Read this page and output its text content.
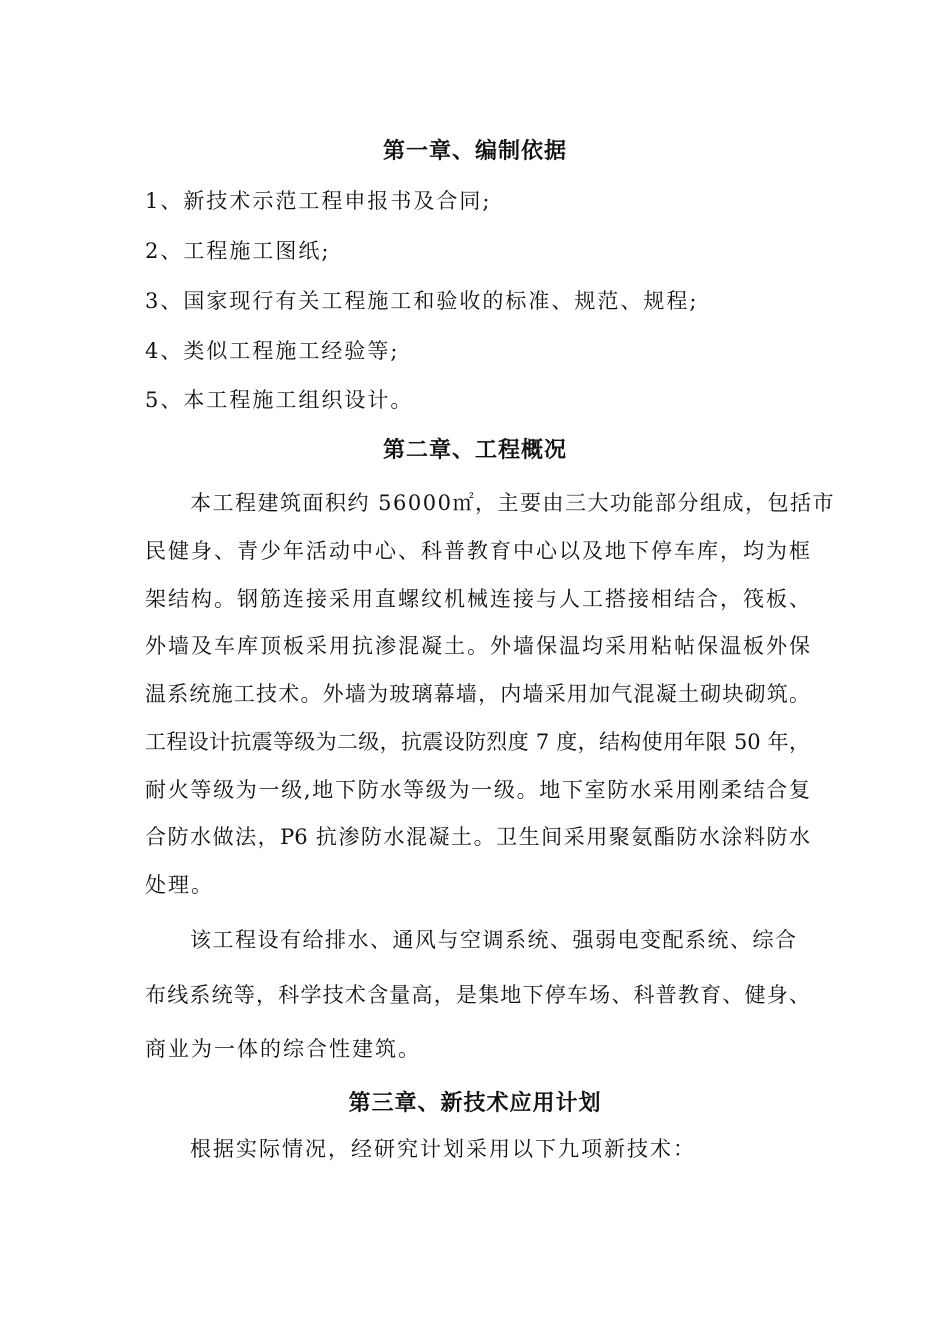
第一章、编制依据
1、新技术示范工程申报书及合同;
2、工程施工图纸;
3、国家现行有关工程施工和验收的标准、规范、规程;
4、类似工程施工经验等;
5、本工程施工组织设计。
第二章、工程概况
本工程建筑面积约 56000㎡，主要由三大功能部分组成，包括市
民健身、青少年活动中心、科普教育中心以及地下停车库，均为框
架结构。钢筋连接采用直螺纹机械连接与人工搭接相结合，筏板、
外墙及车库顶板采用抗渗混凝土。外墙保温均采用粘帖保温板外保
温系统施工技术。外墙为玻璃幕墙，内墙采用加气混凝土砌块砌筑。
工程设计抗震等级为二级，抗震设防烈度 7 度，结构使用年限 50 年，
耐火等级为一级,地下防水等级为一级。地下室防水采用刚柔结合复
合防水做法，P6 抗渗防水混凝土。卫生间采用聚氨酯防水涂料防水
处理。
该工程设有给排水、通风与空调系统、强弱电变配系统、综合
布线系统等，科学技术含量高，是集地下停车场、科普教育、健身、
商业为一体的综合性建筑。
第三章、新技术应用计划
根据实际情况，经研究计划采用以下九项新技术：
